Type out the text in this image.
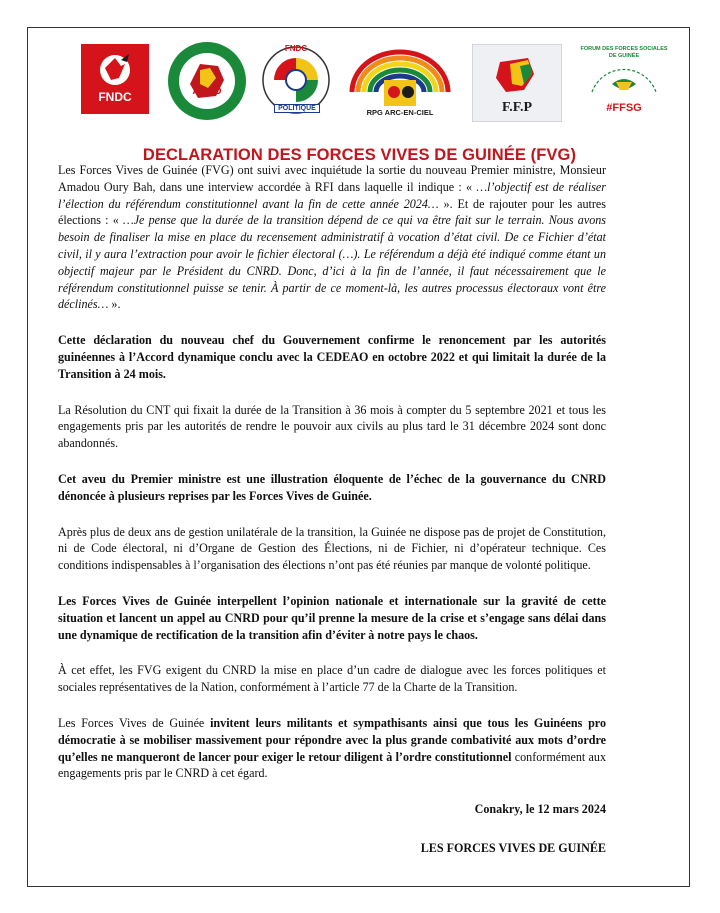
FNDC	ANAD
FNDC
POLITIQUE	RPG ARC-EN-CIEL	F.F.P
FORUM DES FORCES SOCIALES DE GUINÉE
#FFSG
DECLARATION DES FORCES VIVES DE GUINÉE (FVG)

Les Forces Vives de Guinée (FVG) ont suivi avec inquiétude la sortie du nouveau Premier ministre, Monsieur Amadou Oury Bah, dans une interview accordée à RFI dans laquelle il indique : « …l’objectif est de réaliser l’élection du référendum constitutionnel avant la fin de cette année 2024… ». Et de rajouter pour les autres élections : « …Je pense que la durée de la transition dépend de ce qui va être fait sur le terrain. Nous avons besoin de finaliser la mise en place du recensement administratif à vocation d’état civil. De ce Fichier d’état civil, il y aura l’extraction pour avoir le fichier électoral (…). Le référendum a déjà été indiqué comme étant un objectif majeur par le Président du CNRD. Donc, d’ici à la fin de l’année, il faut nécessairement que le référendum constitutionnel puisse se tenir. À partir de ce moment-là, les autres processus électoraux vont être déclinés… ».

Cette déclaration du nouveau chef du Gouvernement confirme le renoncement par les autorités guinéennes à l’Accord dynamique conclu avec la CEDEAO en octobre 2022 et qui limitait la durée de la Transition à 24 mois.

La Résolution du CNT qui fixait la durée de la Transition à 36 mois à compter du 5 septembre 2021 et tous les engagements pris par les autorités de rendre le pouvoir aux civils au plus tard le 31 décembre 2024 sont donc abandonnés.

Cet aveu du Premier ministre est une illustration éloquente de l’échec de la gouvernance du CNRD dénoncée à plusieurs reprises par les Forces Vives de Guinée.

Après plus de deux ans de gestion unilatérale de la transition, la Guinée ne dispose pas de projet de Constitution, ni de Code électoral, ni d’Organe de Gestion des Élections, ni de Fichier, ni d’opérateur technique. Ces conditions indispensables à l’organisation des élections n’ont pas été réunies par manque de volonté politique.

Les Forces Vives de Guinée interpellent l’opinion nationale et internationale sur la gravité de cette situation et lancent un appel au CNRD pour qu’il prenne la mesure de la crise et s’engage sans délai dans une dynamique de rectification de la transition afin d’éviter à notre pays le chaos.

À cet effet, les FVG exigent du CNRD la mise en place d’un cadre de dialogue avec les forces politiques et sociales représentatives de la Nation, conformément à l’article 77 de la Charte de la Transition.

Les Forces Vives de Guinée invitent leurs militants et sympathisants ainsi que tous les Guinéens pro démocratie à se mobiliser massivement pour répondre avec la plus grande combativité aux mots d’ordre qu’elles ne manqueront de lancer pour exiger le retour diligent à l’ordre constitutionnel conformément aux engagements pris par le CNRD à cet égard.

Conakry, le 12 mars 2024

LES FORCES VIVES DE GUINÉE
